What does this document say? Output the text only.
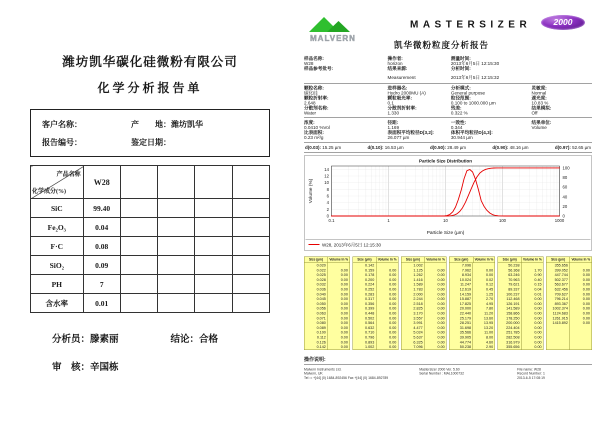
潍坊凯华碳化硅微粉有限公司
化学分析报告单
客户名称：	产　　地：潍坊凯华
报告编号：	鉴定日期：
产品名称
化学成分(%)	W28				
SiC	99.40				
Fe₂O₃	0.04				
F·C	0.08				
SiO₂	0.09				
PH	7				
含水率	0.01				
分析员：滕素丽	结论：合格
审　核：辛国栋
MALVERN
MASTERSIZER 2000
凯华微粉粒度分析报告
样品名称:
W28
操作者:
horizon
测量时间:
2013年6月5日 12:15:30
样品参考批号:	结果来源:
Measurement
分析时间:
2013年6月5日 12:15:32
颗粒名称:
碳化硅
进样器名:
Hydro 2000MU (A)
分析模式:
General purpose
灵敏度:
Normal
颗粒折射率:
2.648
颗粒吸光率:
0.1
粒径范围:
0.100 to 1000.000 µm
遮光度:
10.83 %
分散剂名称:
Water
分散剂折射率:
1.330
残差:
0.322 %
结果模拟:
Off
浓度:
0.0410 %Vol
径距:
1.169
一致性:
0.344
结果单位:
Volume
比表面积:
0.23 m²/g
表面积平均粒径D[3,2]:
26.077 µm
体积平均粒径D[4,3]:
30.944 µm
d(0.03): 15.25 µm	d(0.10): 16.53 µm	d(0.50): 28.49 µm	d(0.90): 48.16 µm	d(0.97): 52.65 µm
0
2
4
6
8
10
12
14
0
20
40
60
80
100
0.1	1	10	100	1000
Particle Size Distribution
Particle Size (µm)
Volume (%)
W28, 2013年6月5日 12:15:30
Size (µm) Volume In %
0.020
0.022	0.00
0.025	0.00
0.028	0.00
0.032	0.00
0.036	0.00
0.040	0.00
0.045	0.00
0.050	0.00
0.056	0.00
0.063	0.00
0.071	0.00
0.080	0.00
0.089	0.00
0.100	0.00
0.112	0.00
0.126	0.00
0.142	0.00
Size (µm) Volume In %
0.142
0.159	0.00
0.178	0.00
0.200	0.00
0.224	0.00
0.252	0.00
0.283	0.00
0.317	0.00
0.356	0.00
0.399	0.00
0.448	0.00
0.502	0.00
0.564	0.00
0.632	0.00
0.710	0.00
0.796	0.00
0.893	0.00
1.002	0.00
Size (µm) Volume In %
1.002
1.125	0.00
1.262	0.00
1.416	0.00
1.589	0.00
1.783	0.00
2.000	0.00
2.244	0.00
2.518	0.00
2.825	0.00
3.170	0.00
3.557	0.00
3.991	0.00
4.477	0.00
5.024	0.00
5.637	0.00
6.325	0.00
7.096	0.00
Size (µm) Volume In %
7.096
7.962	0.00
8.934	0.00
10.024	0.02
11.247	0.12
12.619	0.45
14.159	1.25
15.887	2.70
17.825	4.95
20.000	7.80
22.440	11.20
25.179	13.60
28.251	13.95
31.698	13.20
35.566	11.00
39.905	8.00
44.774	4.60
50.238	2.90
Size (µm) Volume In %
50.238
56.368	1.70
63.246	0.90
70.963	0.40
79.621	0.15
89.337	0.04
100.237	0.01
112.468	0.00
126.191	0.00
141.589	0.00
158.866	0.00
178.250	0.00
200.000	0.00
224.404	0.00
251.785	0.00
282.508	0.00
316.979	0.00
355.656	0.00
Size (µm) Volume In %
355.656
399.052	0.00
447.744	0.00
502.377	0.00
563.677	0.00
632.456	0.00
709.627	0.00
796.214	0.00
893.367	0.00
1002.374	0.00
1124.683	0.00
1261.915	0.00
1415.892	0.00
操作说明:
Malvern Instruments Ltd.
Malvern, UK
Tel := +[44] (0) 1684-892456 Fax +[44] (0) 1684-892789
Mastersizer 2000 Ver. 5.60
Serial Number : MAL1000732
File name: W28
Record Number: 1
2013-6-5 17:08:19
